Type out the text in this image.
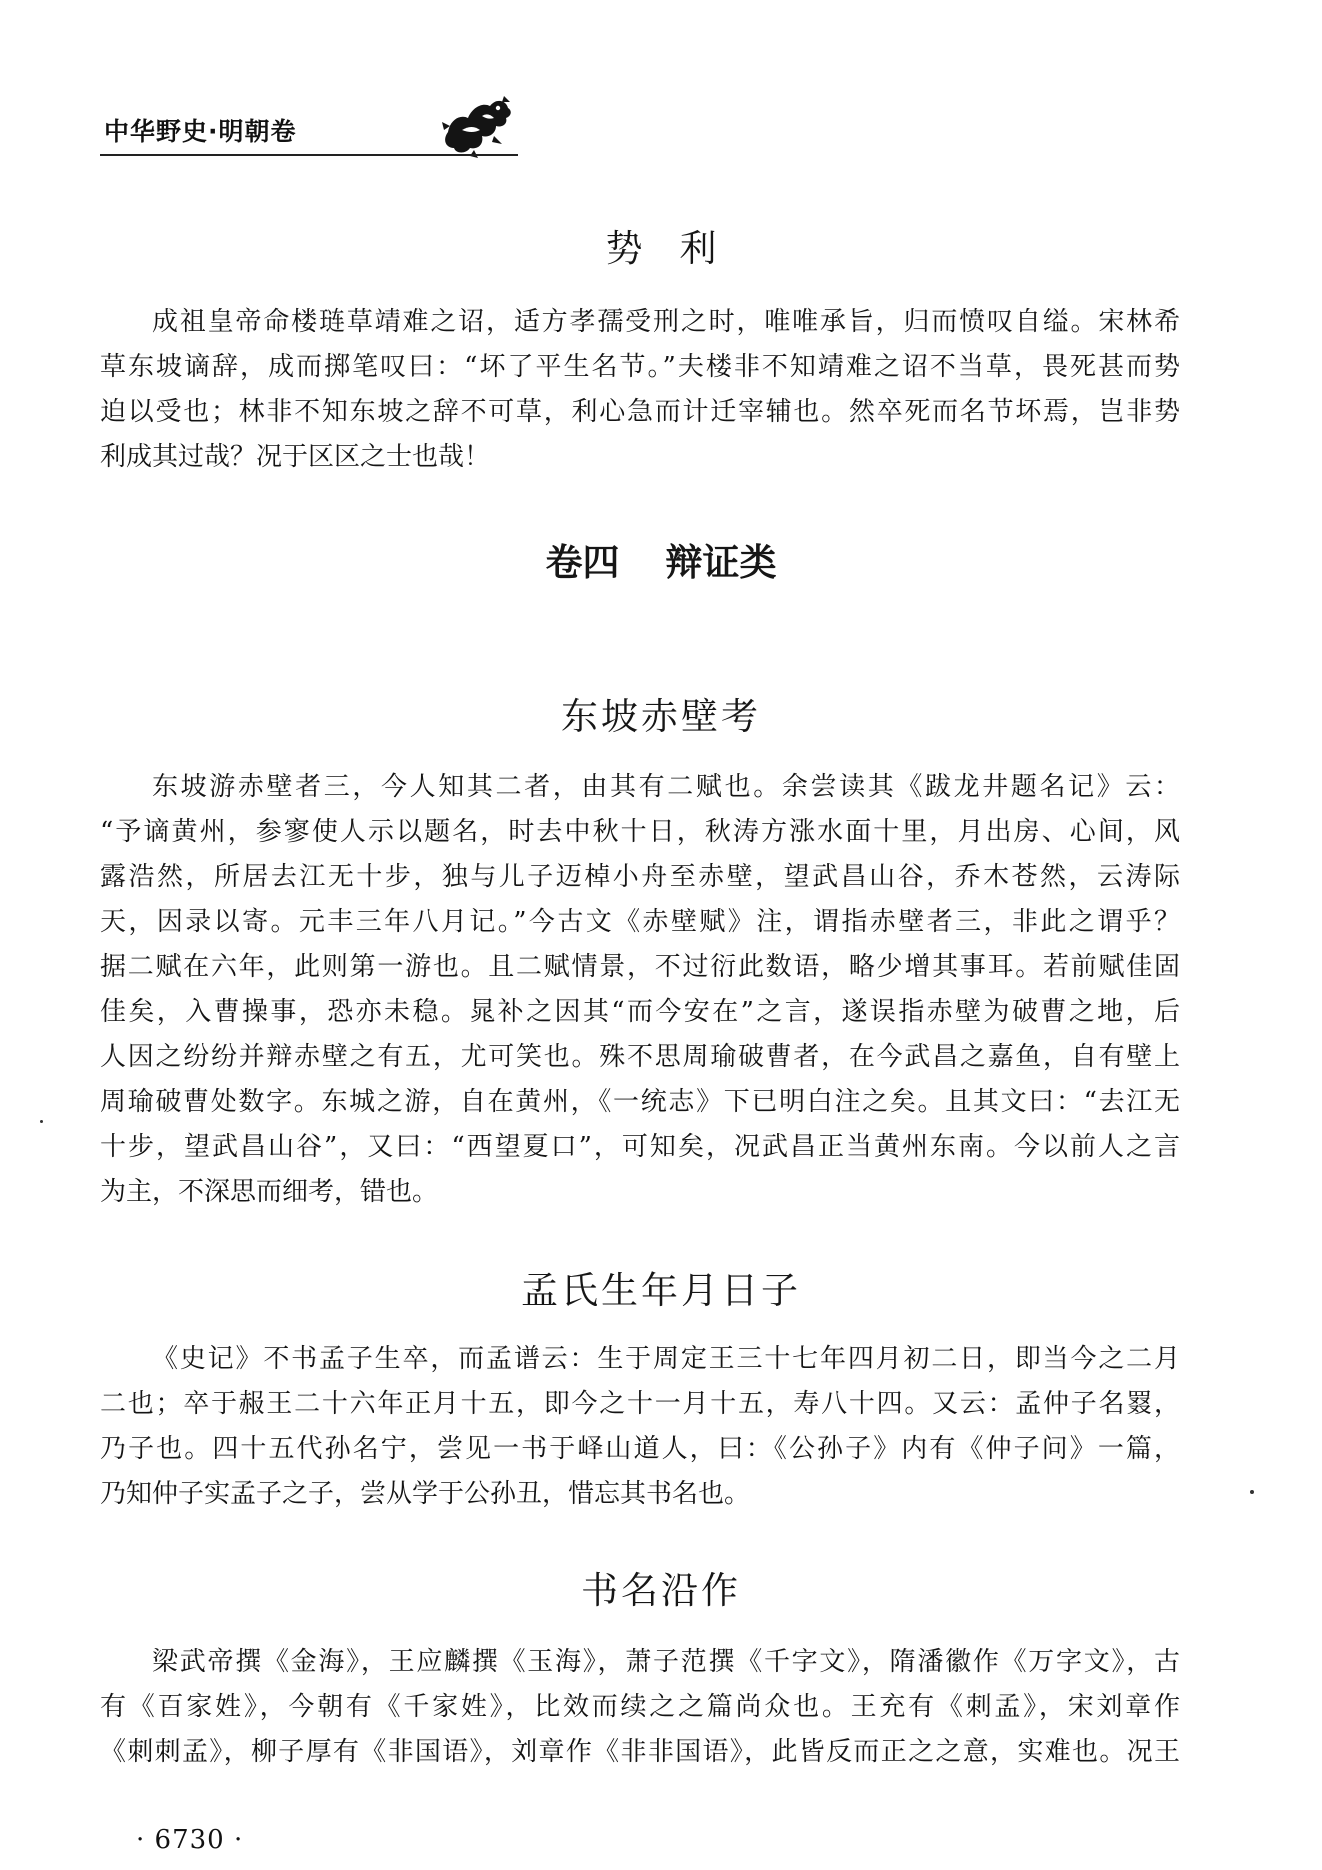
中华野史·明朝卷
势　利
成祖皇帝命楼琏草靖难之诏，适方孝孺受刑之时，唯唯承旨，归而愤叹自缢。宋林希
草东坡谪辞，成而掷笔叹曰：“坏了平生名节。”夫楼非不知靖难之诏不当草，畏死甚而势
迫以受也；林非不知东坡之辞不可草，利心急而计迁宰辅也。然卒死而名节坏焉，岂非势
利成其过哉？况于区区之士也哉！
卷四 辩证类
东坡赤壁考
东坡游赤壁者三，今人知其二者，由其有二赋也。余尝读其《跋龙井题名记》云：
“予谪黄州，参寥使人示以题名，时去中秋十日，秋涛方涨水面十里，月出房、心间，风
露浩然，所居去江无十步，独与儿子迈棹小舟至赤壁，望武昌山谷，乔木苍然，云涛际
天，因录以寄。元丰三年八月记。”今古文《赤壁赋》注，谓指赤壁者三，非此之谓乎？
据二赋在六年，此则第一游也。且二赋情景，不过衍此数语，略少增其事耳。若前赋佳固
佳矣，入曹操事，恐亦未稳。晁补之因其“而今安在”之言，遂误指赤壁为破曹之地，后
人因之纷纷并辩赤壁之有五，尤可笑也。殊不思周瑜破曹者，在今武昌之嘉鱼，自有壁上
周瑜破曹处数字。东城之游，自在黄州，《一统志》下已明白注之矣。且其文曰：“去江无
十步，望武昌山谷”，又曰：“西望夏口”，可知矣，况武昌正当黄州东南。今以前人之言
为主，不深思而细考，错也。
孟氏生年月日子
《史记》不书孟子生卒，而孟谱云：生于周定王三十七年四月初二日，即当今之二月
二也；卒于赧王二十六年正月十五，即今之十一月十五，寿八十四。又云：孟仲子名罬，
乃子也。四十五代孙名宁，尝见一书于峄山道人，曰：《公孙子》内有《仲子问》一篇，
乃知仲子实孟子之子，尝从学于公孙丑，惜忘其书名也。
书名沿作
梁武帝撰《金海》，王应麟撰《玉海》，萧子范撰《千字文》，隋潘徽作《万字文》，古
有《百家姓》，今朝有《千家姓》，比效而续之之篇尚众也。王充有《刺孟》，宋刘章作
《刺刺孟》，柳子厚有《非国语》，刘章作《非非国语》，此皆反而正之之意，实难也。况王
· 6730 ·
